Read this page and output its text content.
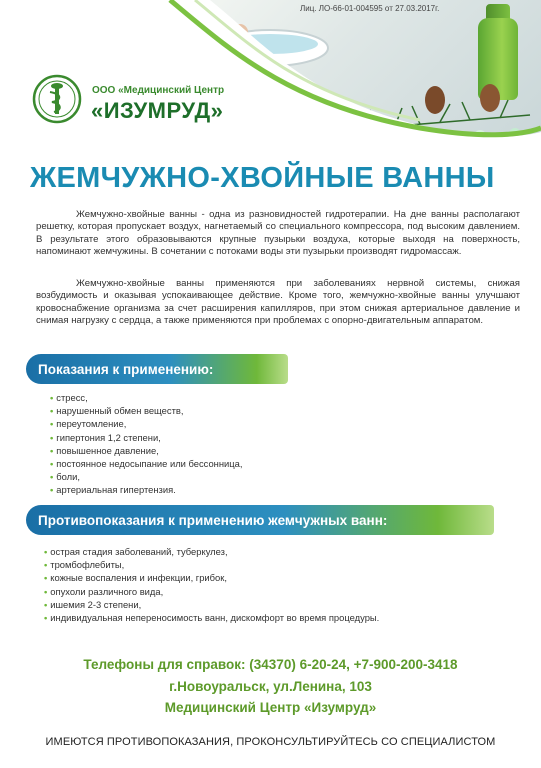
Лиц. ЛО-66-01-004595 от 27.03.2017г.
ООО «Медицинский Центр
«ИЗУМРУД»
ЖЕМЧУЖНО-ХВОЙНЫЕ ВАННЫ

Жемчужно-хвойные ванны - одна из разновидностей гидротерапии. На дне ванны располагают решетку, которая пропускает воздух, нагнетаемый со специального компрессора, под высоким давлением. В результате этого образовываются крупные пузырьки воздуха, которые выходя на поверхность, напоминают жемчужины. В сочетании с потоками воды эти пузырьки производят гидромассаж.

Жемчужно-хвойные ванны применяются при заболеваниях нервной системы, снижая возбудимость и оказывая успокаивающее действие. Кроме того, жемчужно-хвойные ванны улучшают кровоснабжение организма за счет расширения капилляров, при этом снижая артериальное давление и снимая нагрузку с сердца, а также применяются при проблемах с опорно-двигательным аппаратом.

Показания к применению:
• стресс,
• нарушенный обмен веществ,
• переутомление,
• гипертония 1,2 степени,
• повышенное давление,
• постоянное недосыпание или бессонница,
• боли,
• артериальная гипертензия.
Противопоказания к применению жемчужных ванн:
• острая стадия заболеваний, туберкулез,
• тромбофлебиты,
• кожные воспаления и инфекции, грибок,
• опухоли различного вида,
• ишемия 2-3 степени,
• индивидуальная непереносимость ванн, дискомфорт во время процедуры.
Телефоны для справок: (34370) 6-20-24, +7-900-200-3418
г.Новоуральск, ул.Ленина, 103
Медицинский Центр «Изумруд»
ИМЕЮТСЯ ПРОТИВОПОКАЗАНИЯ, ПРОКОНСУЛЬТИРУЙТЕСЬ СО СПЕЦИАЛИСТОМ
